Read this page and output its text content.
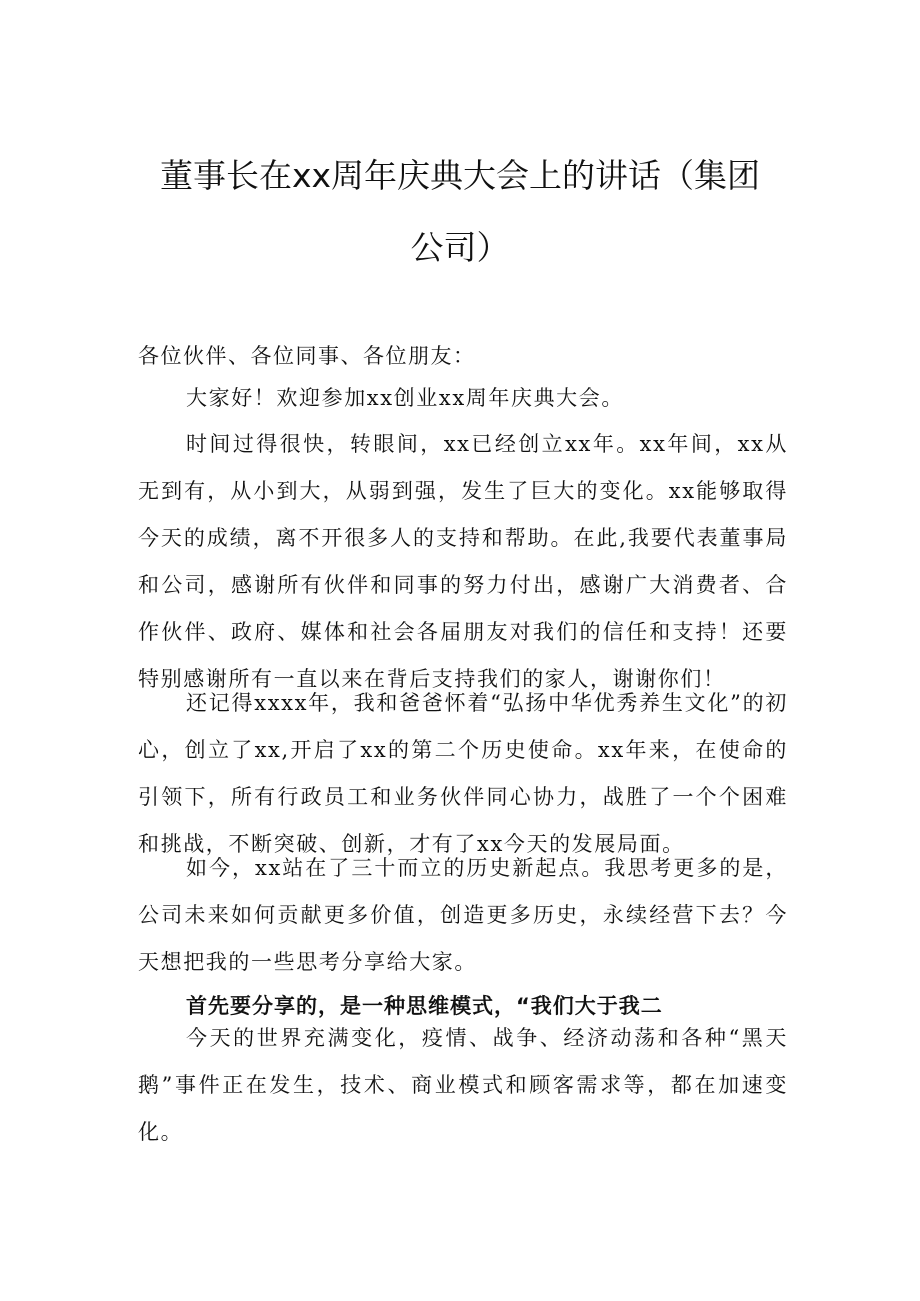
董事长在xx周年庆典大会上的讲话（集团
公司）
各位伙伴、各位同事、各位朋友：

大家好！欢迎参加xx创业xx周年庆典大会。

时间过得很快，转眼间，xx已经创立xx年。xx年间，xx从无到有，从小到大，从弱到强，发生了巨大的变化。xx能够取得今天的成绩，离不开很多人的支持和帮助。在此,我要代表董事局和公司，感谢所有伙伴和同事的努力付出，感谢广大消费者、合作伙伴、政府、媒体和社会各届朋友对我们的信任和支持！还要特别感谢所有一直以来在背后支持我们的家人，谢谢你们！

还记得xxxx年，我和爸爸怀着“弘扬中华优秀养生文化”的初心，创立了xx,开启了xx的第二个历史使命。xx年来，在使命的引领下，所有行政员工和业务伙伴同心协力，战胜了一个个困难和挑战，不断突破、创新，才有了xx今天的发展局面。

如今，xx站在了三十而立的历史新起点。我思考更多的是，公司未来如何贡献更多价值，创造更多历史，永续经营下去？今天想把我的一些思考分享给大家。

首先要分享的，是一种思维模式，“我们大于我二

今天的世界充满变化，疫情、战争、经济动荡和各种“黑天鹅”事件正在发生，技术、商业模式和顾客需求等，都在加速变化。
